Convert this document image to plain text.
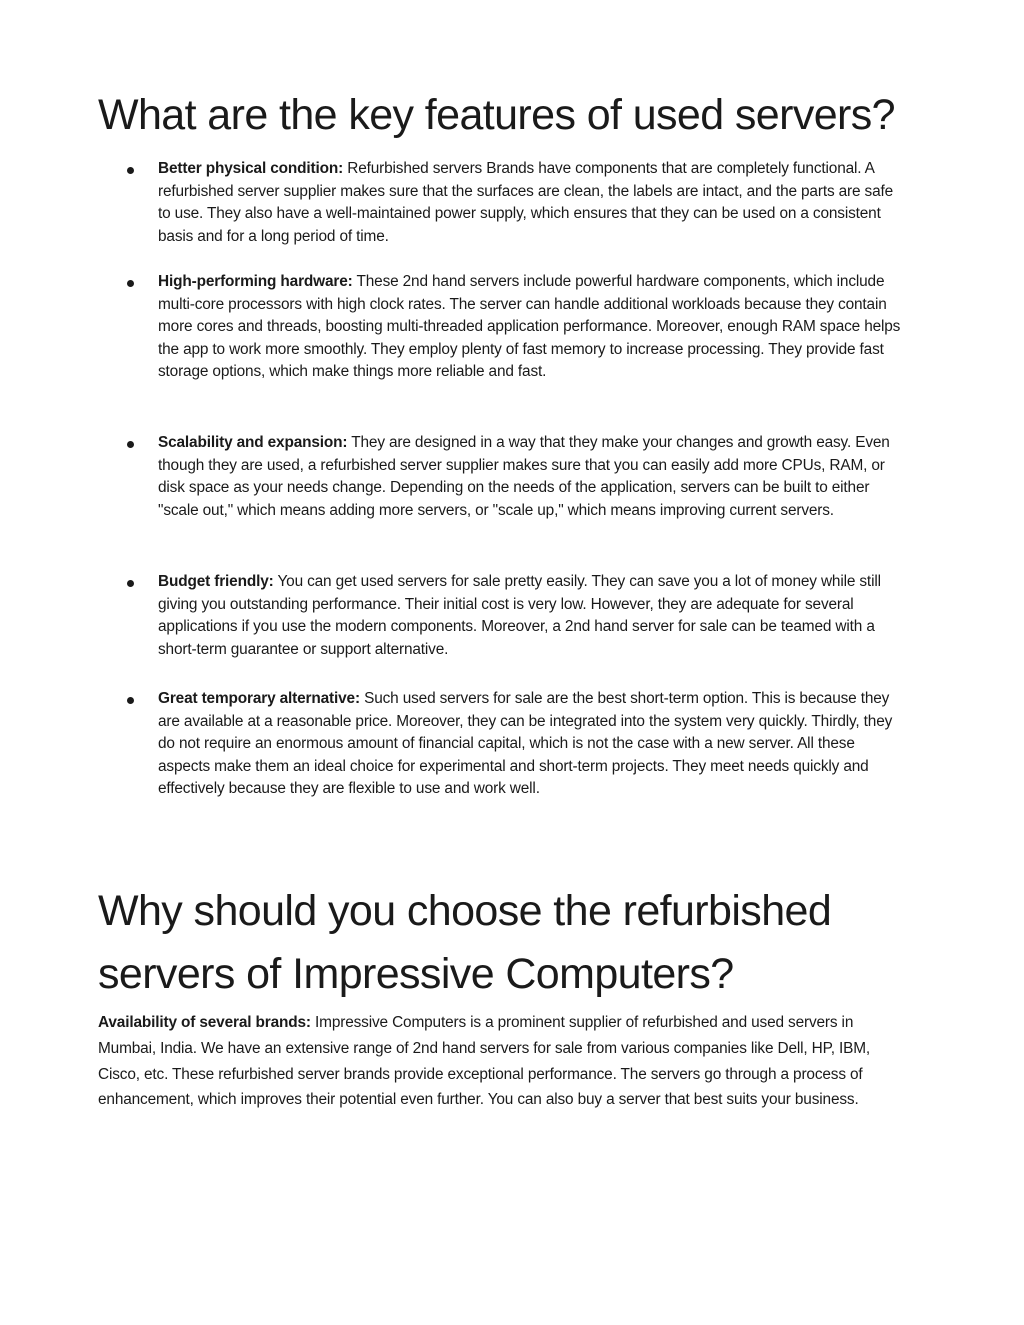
What are the key features of used servers?

Better physical condition: Refurbished servers Brands have components that are completely functional. A refurbished server supplier makes sure that the surfaces are clean, the labels are intact, and the parts are safe to use. They also have a well-maintained power supply, which ensures that they can be used on a consistent basis and for a long period of time.

High-performing hardware: These 2nd hand servers include powerful hardware components, which include multi-core processors with high clock rates. The server can handle additional workloads because they contain more cores and threads, boosting multi-threaded application performance. Moreover, enough RAM space helps the app to work more smoothly. They employ plenty of fast memory to increase processing. They provide fast storage options, which make things more reliable and fast.

Scalability and expansion: They are designed in a way that they make your changes and growth easy. Even though they are used, a refurbished server supplier makes sure that you can easily add more CPUs, RAM, or disk space as your needs change. Depending on the needs of the application, servers can be built to either "scale out," which means adding more servers, or "scale up," which means improving current servers.

Budget friendly: You can get used servers for sale pretty easily. They can save you a lot of money while still giving you outstanding performance. Their initial cost is very low. However, they are adequate for several applications if you use the modern components. Moreover, a 2nd hand server for sale can be teamed with a short-term guarantee or support alternative.

Great temporary alternative: Such used servers for sale are the best short-term option. This is because they are available at a reasonable price. Moreover, they can be integrated into the system very quickly. Thirdly, they do not require an enormous amount of financial capital, which is not the case with a new server. All these aspects make them an ideal choice for experimental and short-term projects. They meet needs quickly and effectively because they are flexible to use and work well.

Why should you choose the refurbished servers of Impressive Computers?

Availability of several brands: Impressive Computers is a prominent supplier of refurbished and used servers in Mumbai, India. We have an extensive range of 2nd hand servers for sale from various companies like Dell, HP, IBM, Cisco, etc. These refurbished server brands provide exceptional performance. The servers go through a process of enhancement, which improves their potential even further. You can also buy a server that best suits your business.
